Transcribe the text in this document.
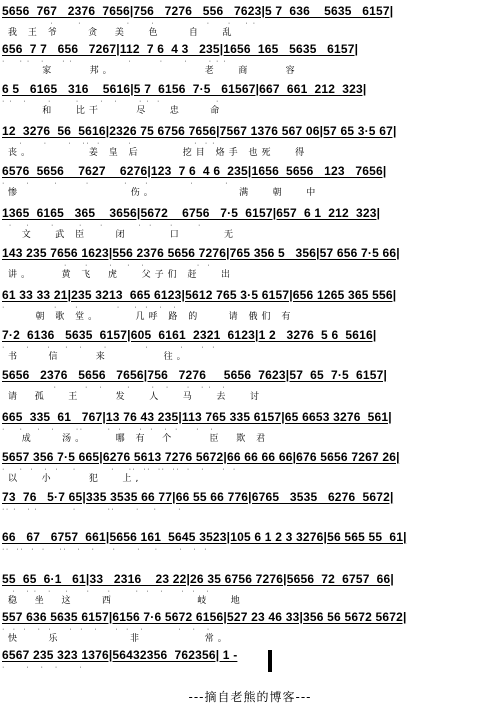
5656  767   2376  7656|756   7276   556   7623|5 7  636    5635   6157|
·       ·             ·      ·               ·     ·    · ·
我 王 爷    贪  美   色    自   乱
656  7 7   656   7267|112  7 6  4 3   235|1656  165   5635   6157|
·    · ·   ·     · ·                ·        ·      ·      · · ·
家     邦。             老   商     容
6 5   6165   316    5616|5 7  6156  7·5   61567|667  661  212  323|
· ·   ·      ·       ·      ·   ·      · ·  ·                ·
和   比干     尽   忠    命
12  3276  56  5616|2326 75 6756 7656|7567 1376 567 06|57 65 3·5 67|
·      ·      ·   ··  ·        ·                  ·  · ·
丧。        姜 皇 后      挖目 烙手 也死   得
6576  5656    7627    6276|123  7 6  4 6  235|1656  5656   123   7656|
·      ·       ·        ·          ·     ·            ·         ·
惨                伤。            满   朝   中
1365  6165   365    3656|5672    6756   7·5  6157|657  6 1  212  323|
·    ·      ·       ·     ·          ·  ·     ·       ·
文   武 臣    闭      口      无
143 235 7656 1623|556 2376 5656 7276|765 356 5   356|57 656 7·5 66|
·     ·      ·    ·   ·               ·  ·
讲。    黄 飞  虎   父子们 赶   出
61 33 33 21|235 3213  665 6123|5612 765 3·5 6157|656 1265 365 556|
·              ·     ·           ·    ·  ·   ·   ·
朝 歌 堂。     几呼 路 的    请 俄们 有
7·2  6136   5635  6157|605  6161  2321  6123|1 2   3276  5 6  5616|
·      ·     ·    ·   ·      ·           ·         ·     ·  ·
书    信     来        往。
5656   2376   5656   7656|756   7276     5656  7623|57  65  7·5  6157|
·        ·   ·       ·      ·   ·     ·   · ·   ·
请  孤   王     发   人   马   去   讨
665  335  61   767|13 76 43 235|113 765 335 6157|65 6653 3276  561|
·    ·    ·   ·      ··       ·  ·     ·  ·   ·  ·     ·   ·
成    汤。    哪 有  个     臣  欺 君
5657 356 7·5 665|6276 5613 7276 5672|66 66 66 66|676 5656 7267 26|
·    ·  ·   ·  ·    ·          ·    ··  ··  ··  ··  ·   ·     ·  ·
以   小     犯   上,
73  76   5·7 65|335 3535 66 77|66 55 66 776|6765   3535   6276  5672|
·· ·   · ·          ·         ··      ·    ·      ·
66   67   6757  661|5656 161  5645 3523|105 6 1 2 3 3276|56 565 55  61|
··  ··  ·  ·    ··   ·   ·     ·      ·    ·      ·   ·  ·
55  65  6·1   61|33   2316    23 22|26 35 6756 7276|5656  72  6757  66|
·   · ·   ·    ·     ·     ·       ·  ·   ·     ·  ·   ·
稳  坐  这    西            岐   地
557 636 5635 6157|6156 7·6 5672 6156|527 23 46 33|356 56 5672 5672|
·  ·  ·   ·  ·     ·  ·   ·     ·  ·   ·          ·   ·   ·
快    乐          非         常。
6567 235 323 1376|56432356  762356| 1 -
·      ·   ·   ·      ·
---摘自老熊的博客---
